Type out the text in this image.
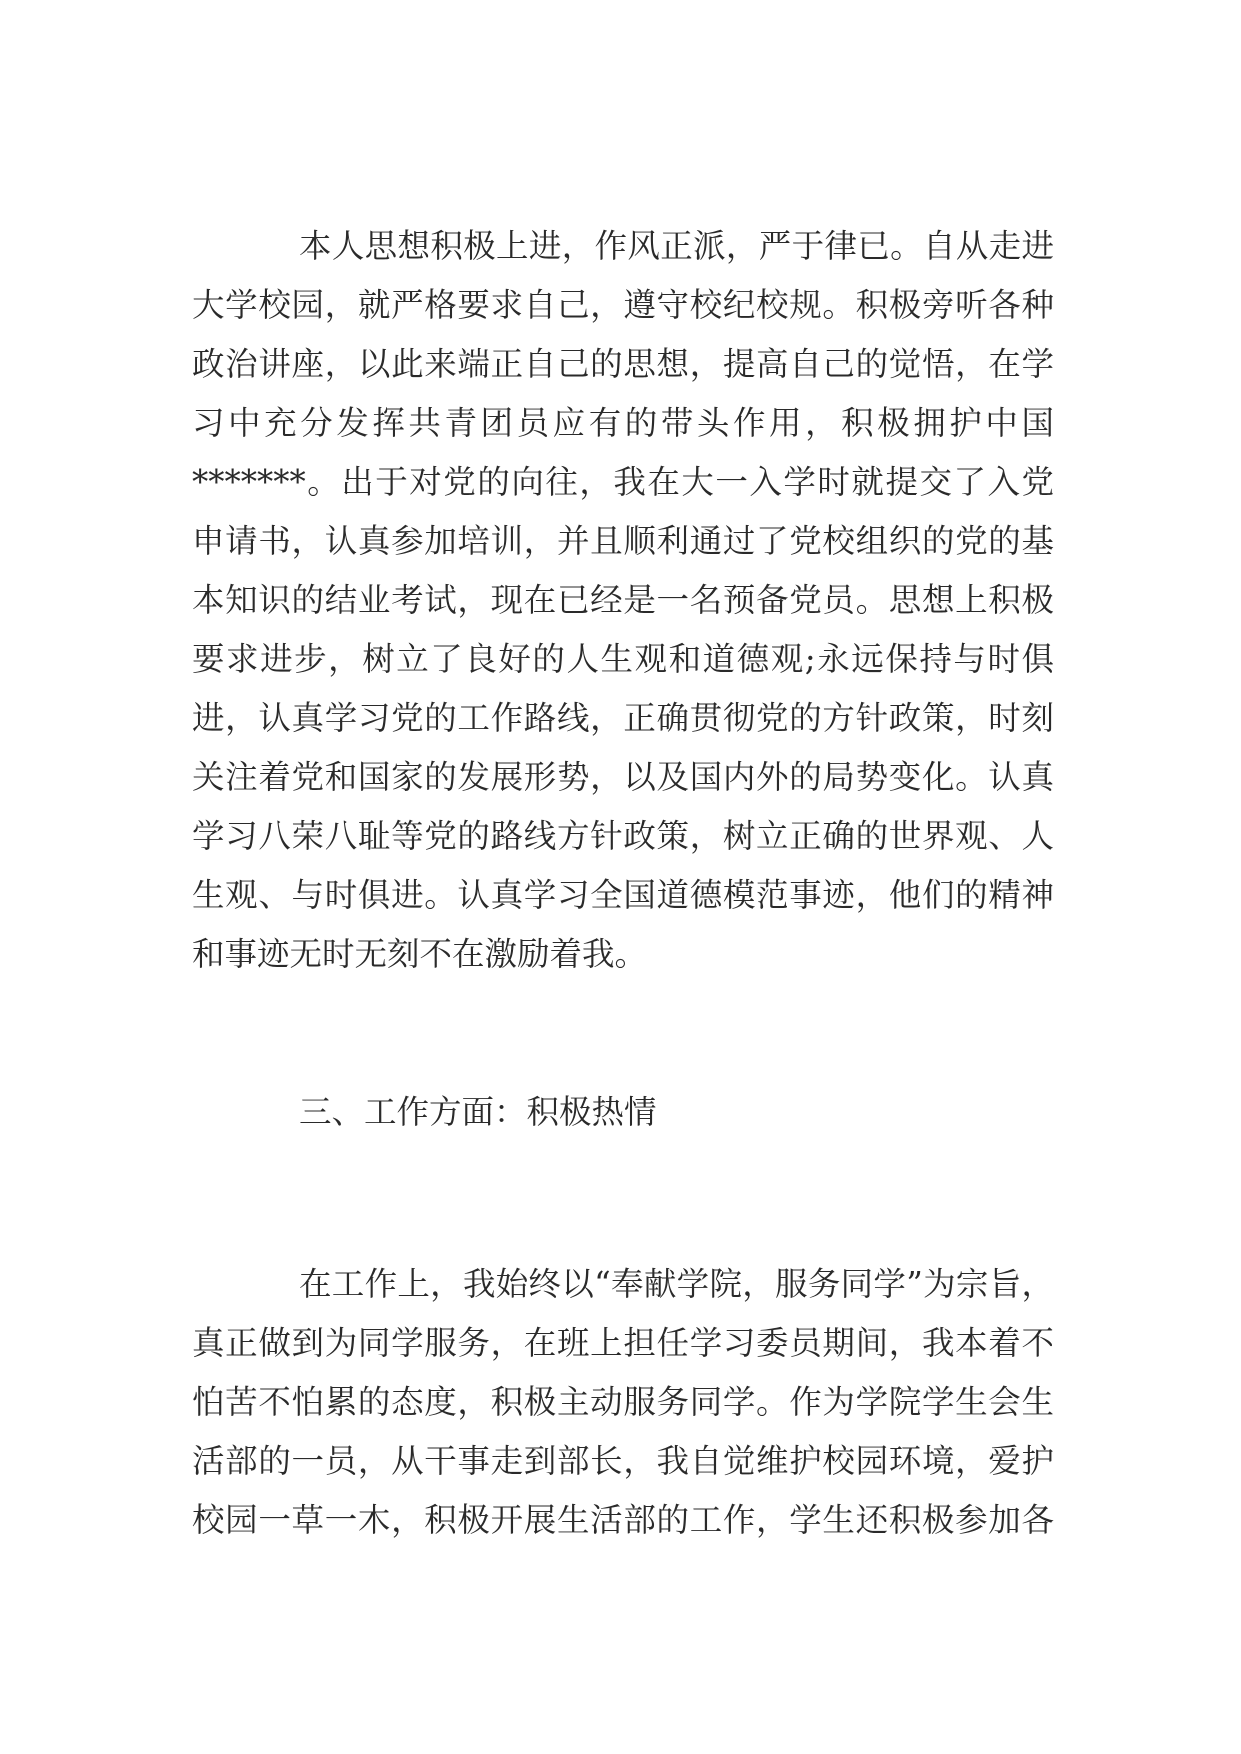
本人思想积极上进，作风正派，严于律已。自从走进
大学校园，就严格要求自己，遵守校纪校规。积极旁听各种
政治讲座，以此来端正自己的思想，提高自己的觉悟，在学
习中充分发挥共青团员应有的带头作用，积极拥护中国
*******。出于对党的向往，我在大一入学时就提交了入党
申请书，认真参加培训，并且顺利通过了党校组织的党的基
本知识的结业考试，现在已经是一名预备党员。思想上积极
要求进步，树立了良好的人生观和道德观;永远保持与时俱
进，认真学习党的工作路线，正确贯彻党的方针政策，时刻
关注着党和国家的发展形势，以及国内外的局势变化。认真
学习八荣八耻等党的路线方针政策，树立正确的世界观、人
生观、与时俱进。认真学习全国道德模范事迹，他们的精神
和事迹无时无刻不在激励着我。
三、工作方面：积极热情
在工作上，我始终以“奉献学院，服务同学”为宗旨，
真正做到为同学服务，在班上担任学习委员期间，我本着不
怕苦不怕累的态度，积极主动服务同学。作为学院学生会生
活部的一员，从干事走到部长，我自觉维护校园环境，爱护
校园一草一木，积极开展生活部的工作，学生还积极参加各
